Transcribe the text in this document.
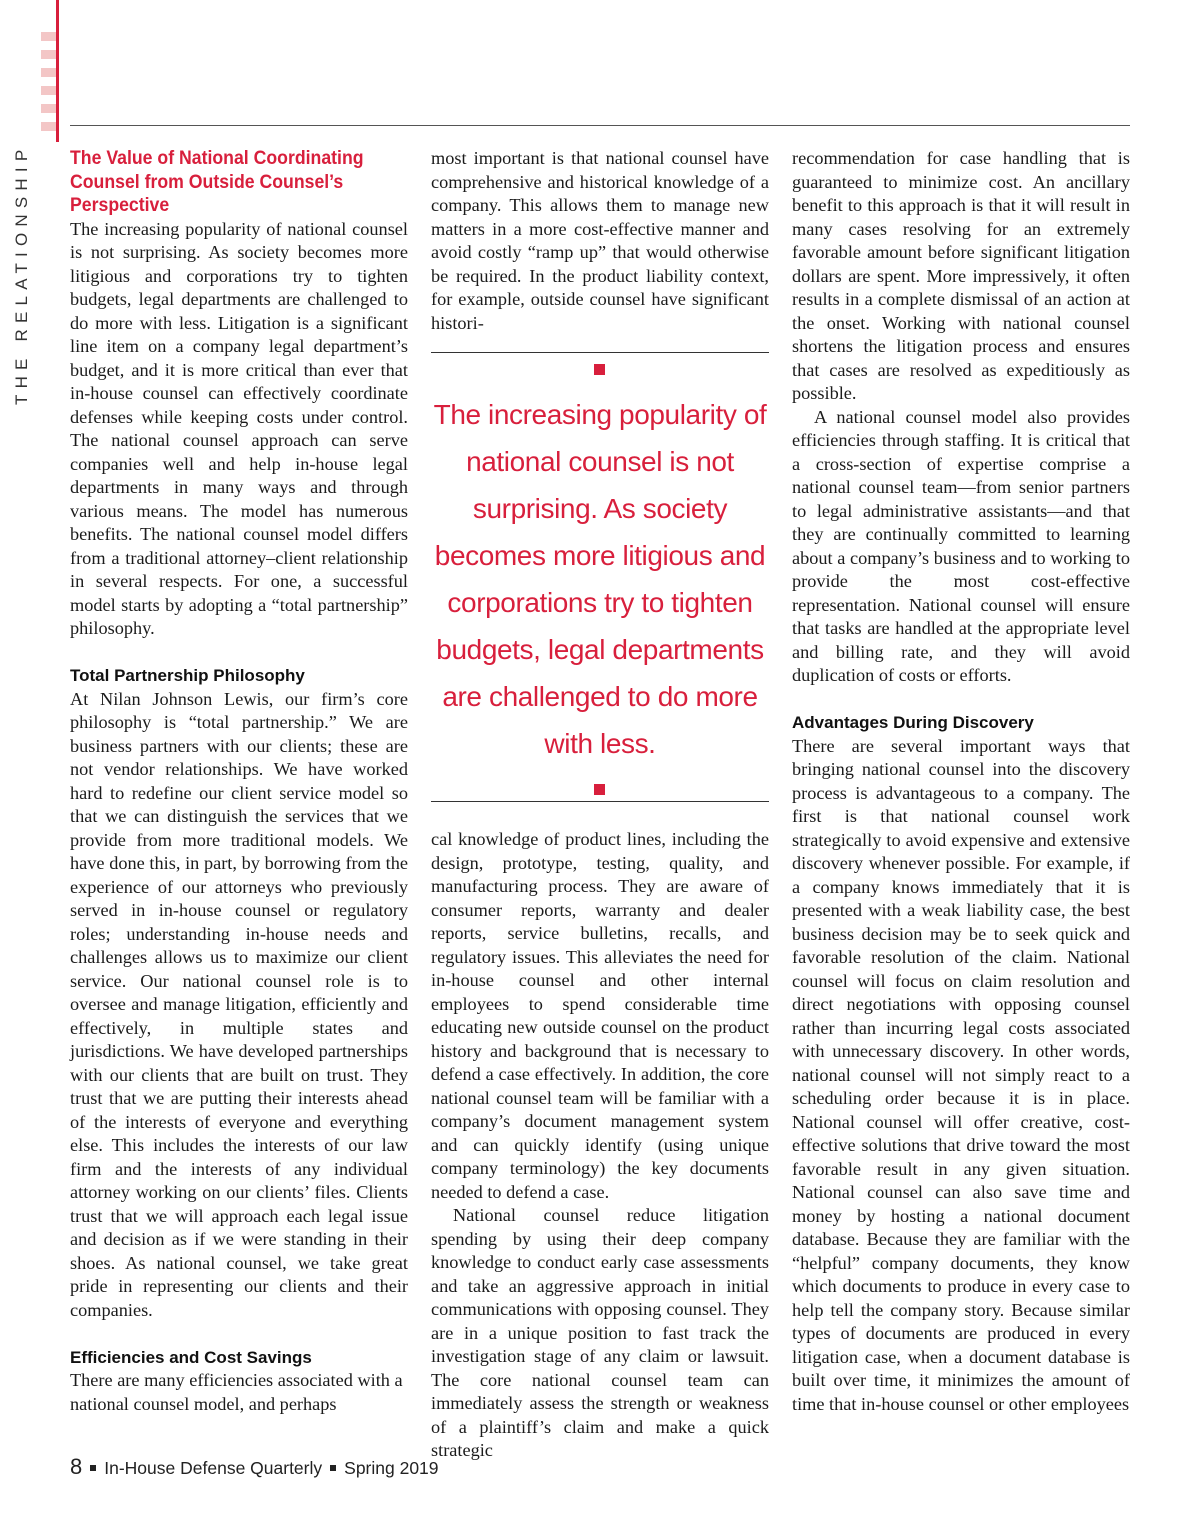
THE RELATIONSHIP The Value of National Coordinating Counsel from Outside Counsel’s Perspective

The increasing popularity of national counsel is not surprising. As society becomes more litigious and corporations try to tighten budgets, legal departments are challenged to do more with less. Litigation is a significant line item on a company legal department’s budget, and it is more critical than ever that in-house counsel can effectively coordinate defenses while keeping costs under control. The national counsel approach can serve companies well and help in-house legal departments in many ways and through various means. The model has numerous benefits. The national counsel model differs from a traditional attorney–client relationship in several respects. For one, a successful model starts by adopting a “total partnership” philosophy.

Total Partnership Philosophy

At Nilan Johnson Lewis, our firm’s core philosophy is “total partnership.” We are business partners with our clients; these are not vendor relationships. We have worked hard to redefine our client service model so that we can distinguish the services that we provide from more traditional models. We have done this, in part, by borrowing from the experience of our attorneys who previously served in in-house counsel or regulatory roles; understanding in-house needs and challenges allows us to maximize our client service. Our national counsel role is to oversee and manage litigation, efficiently and effectively, in multiple states and jurisdictions. We have developed partnerships with our clients that are built on trust. They trust that we are putting their interests ahead of the interests of everyone and everything else. This includes the interests of our law firm and the interests of any individual attorney working on our clients’ files. Clients trust that we will approach each legal issue and decision as if we were standing in their shoes. As national counsel, we take great pride in representing our clients and their companies.

Efficiencies and Cost Savings

There are many efficiencies associated with a national counsel model, and perhaps

most important is that national counsel have comprehensive and historical knowledge of a company. This allows them to manage new matters in a more cost-effective manner and avoid costly “ramp up” that would otherwise be required. In the product liability context, for example, outside counsel have significant histori-

The increasing popularity of national counsel is not surprising. As society becomes more litigious and corporations try to tighten budgets, legal departments are challenged to do more with less.

cal knowledge of product lines, including the design, prototype, testing, quality, and manufacturing process. They are aware of consumer reports, warranty and dealer reports, service bulletins, recalls, and regulatory issues. This alleviates the need for in-house counsel and other internal employees to spend considerable time educating new outside counsel on the product history and background that is necessary to defend a case effectively. In addition, the core national counsel team will be familiar with a company’s document management system and can quickly identify (using unique company terminology) the key documents needed to defend a case.

National counsel reduce litigation spending by using their deep company knowledge to conduct early case assessments and take an aggressive approach in initial communications with opposing counsel. They are in a unique position to fast track the investigation stage of any claim or lawsuit. The core national counsel team can immediately assess the strength or weakness of a plaintiff’s claim and make a quick strategic

recommendation for case handling that is guaranteed to minimize cost. An ancillary benefit to this approach is that it will result in many cases resolving for an extremely favorable amount before significant litigation dollars are spent. More impressively, it often results in a complete dismissal of an action at the onset. Working with national counsel shortens the litigation process and ensures that cases are resolved as expeditiously as possible.

A national counsel model also provides efficiencies through staffing. It is critical that a cross-section of expertise comprise a national counsel team—from senior partners to legal administrative assistants—and that they are continually committed to learning about a company’s business and to working to provide the most cost-effective representation. National counsel will ensure that tasks are handled at the appropriate level and billing rate, and they will avoid duplication of costs or efforts.

Advantages During Discovery

There are several important ways that bringing national counsel into the discovery process is advantageous to a company. The first is that national counsel work strategically to avoid expensive and extensive discovery whenever possible. For example, if a company knows immediately that it is presented with a weak liability case, the best business decision may be to seek quick and favorable resolution of the claim. National counsel will focus on claim resolution and direct negotiations with opposing counsel rather than incurring legal costs associated with unnecessary discovery. In other words, national counsel will not simply react to a scheduling order because it is in place. National counsel will offer creative, cost-effective solutions that drive toward the most favorable result in any given situation. National counsel can also save time and money by hosting a national document database. Because they are familiar with the “helpful” company documents, they know which documents to produce in every case to help tell the company story. Because similar types of documents are produced in every litigation case, when a document database is built over time, it minimizes the amount of time that in-house counsel or other employees

8 In-House Defense Quarterly Spring 2019
